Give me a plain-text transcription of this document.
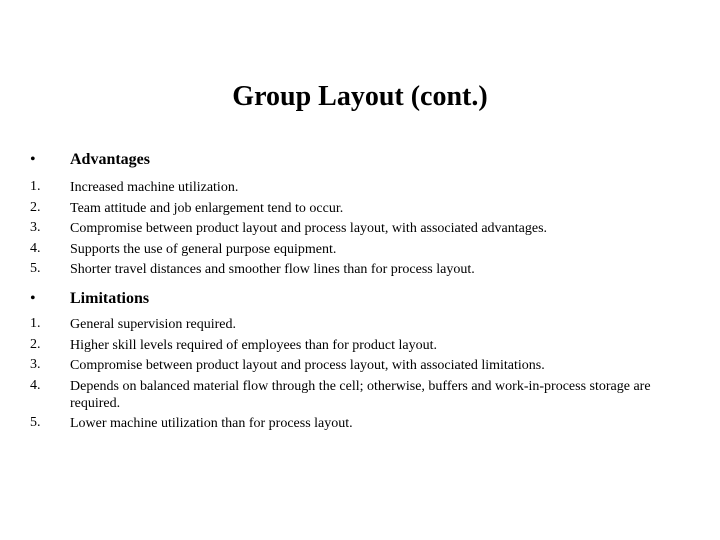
Group Layout (cont.)
• Advantages
1.	Increased machine utilization.
2.	Team attitude and job enlargement tend to occur.
3.	Compromise between product layout and process layout, with associated advantages.
4.	Supports the use of general purpose equipment.
5.	Shorter travel distances and smoother flow lines than for process layout.
• Limitations
1.	General supervision required.
2.	Higher skill levels required of employees than for product layout.
3.	Compromise between product layout and process layout, with associated limitations.
4.	Depends on balanced material flow through the cell; otherwise, buffers and work-in-process storage are required.
5.	Lower machine utilization than for process layout.
